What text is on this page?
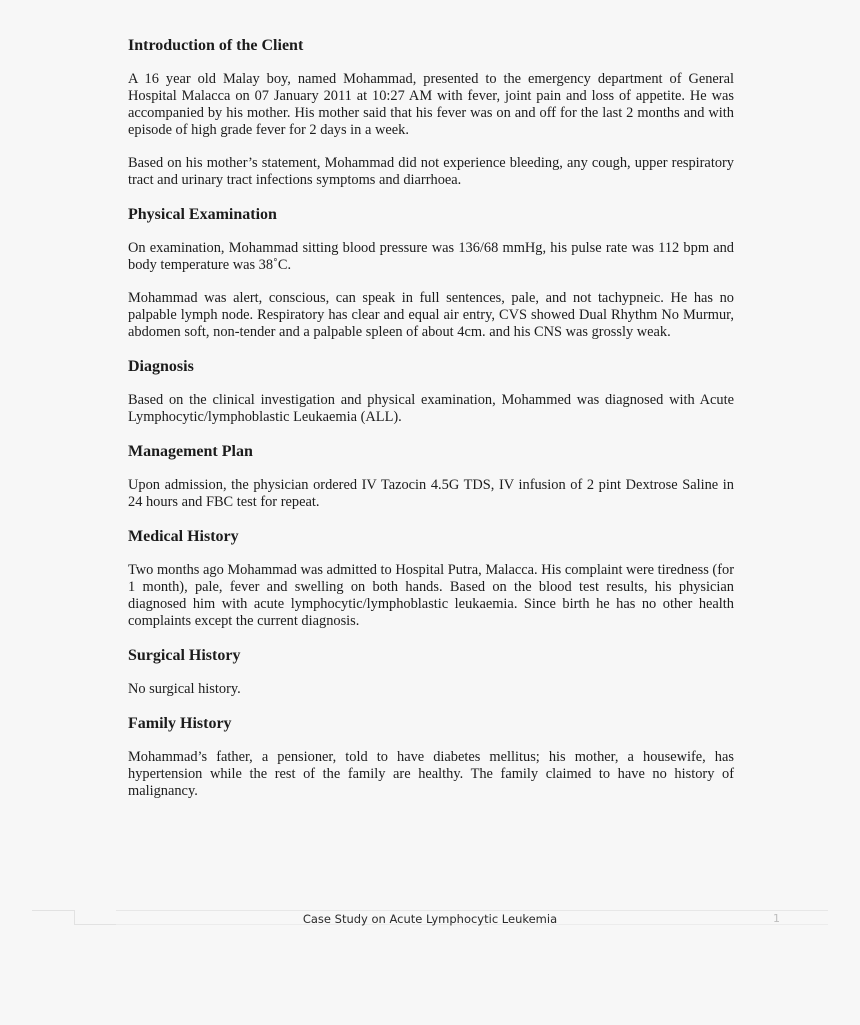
Introduction of the Client

A 16 year old Malay boy, named Mohammad, presented to the emergency department of General Hospital Malacca on 07 January 2011 at 10:27 AM with fever, joint pain and loss of appetite. He was accompanied by his mother. His mother said that his fever was on and off for the last 2 months and with episode of high grade fever for 2 days in a week.

Based on his mother’s statement, Mohammad did not experience bleeding, any cough, upper respiratory tract and urinary tract infections symptoms and diarrhoea.

Physical Examination

On examination, Mohammad sitting blood pressure was 136/68 mmHg, his pulse rate was 112 bpm and body temperature was 38˚C.

Mohammad was alert, conscious, can speak in full sentences, pale, and not tachypneic. He has no palpable lymph node. Respiratory has clear and equal air entry, CVS showed Dual Rhythm No Murmur, abdomen soft, non-tender and a palpable spleen of about 4cm. and his CNS was grossly weak.

Diagnosis

Based on the clinical investigation and physical examination, Mohammed was diagnosed with Acute Lymphocytic/lymphoblastic Leukaemia (ALL).

Management Plan

Upon admission, the physician ordered IV Tazocin 4.5G TDS, IV infusion of 2 pint Dextrose Saline in 24 hours and FBC test for repeat.

Medical History

Two months ago Mohammad was admitted to Hospital Putra, Malacca. His complaint were tiredness (for 1 month), pale, fever and swelling on both hands. Based on the blood test results, his physician diagnosed him with acute lymphocytic/lymphoblastic leukaemia. Since birth he has no other health complaints except the current diagnosis.

Surgical History

No surgical history.

Family History

Mohammad’s father, a pensioner, told to have diabetes mellitus; his mother, a housewife, has hypertension while the rest of the family are healthy. The family claimed to have no history of malignancy.

Case Study on Acute Lymphocytic Leukemia	1
